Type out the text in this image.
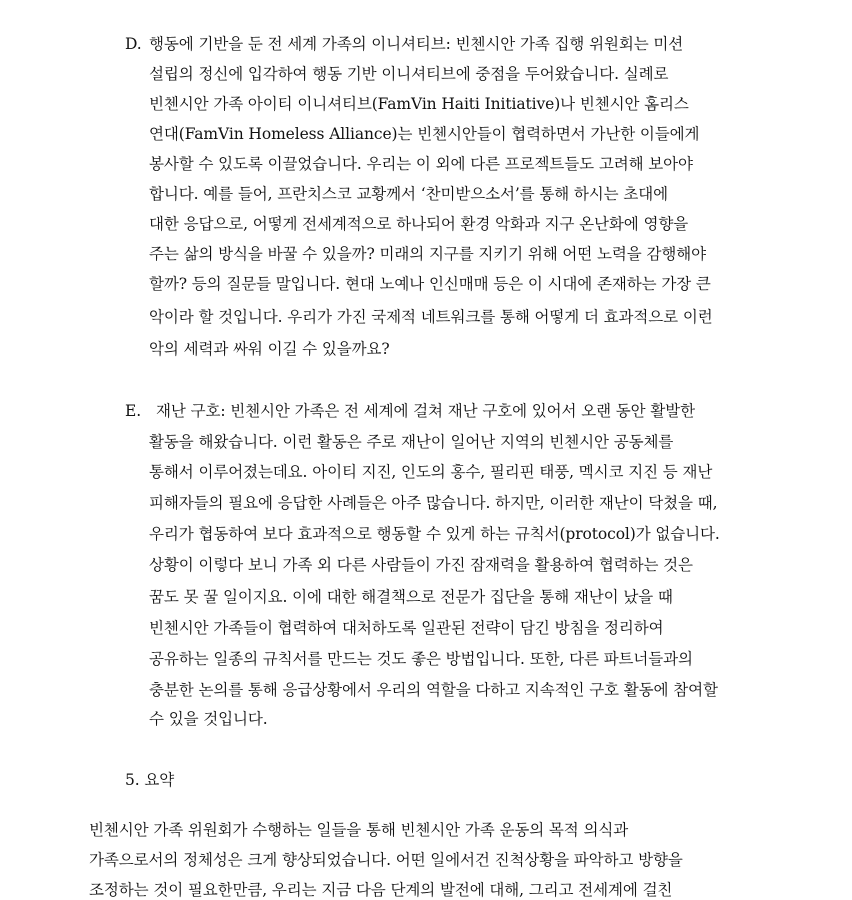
D. 행동에 기반을 둔 전 세계 가족의 이니셔티브: 빈첸시안 가족 집행 위원회는 미션
설립의 정신에 입각하여 행동 기반 이니셔티브에 중점을 두어왔습니다. 실례로
빈첸시안 가족 아이티 이니셔티브(FamVin Haiti Initiative)나 빈첸시안 홈리스
연대(FamVin Homeless Alliance)는 빈첸시안들이 협력하면서 가난한 이들에게
봉사할 수 있도록 이끌었습니다. 우리는 이 외에 다른 프로젝트들도 고려해 보아야
합니다. 예를 들어, 프란치스코 교황께서 ‘찬미받으소서’를 통해 하시는 초대에
대한 응답으로, 어떻게 전세계적으로 하나되어 환경 악화과 지구 온난화에 영향을
주는 삶의 방식을 바꿀 수 있을까? 미래의 지구를 지키기 위해 어떤 노력을 감행해야
할까? 등의 질문들 말입니다. 현대 노예나 인신매매 등은 이 시대에 존재하는 가장 큰
악이라 할 것입니다. 우리가 가진 국제적 네트워크를 통해 어떻게 더 효과적으로 이런
악의 세력과 싸워 이길 수 있을까요?
E. 재난 구호: 빈첸시안 가족은 전 세계에 걸쳐 재난 구호에 있어서 오랜 동안 활발한
활동을 해왔습니다. 이런 활동은 주로 재난이 일어난 지역의 빈첸시안 공동체를
통해서 이루어졌는데요. 아이티 지진, 인도의 홍수, 필리핀 태풍, 멕시코 지진 등 재난
피해자들의 필요에 응답한 사례들은 아주 많습니다. 하지만, 이러한 재난이 닥쳤을 때,
우리가 협동하여 보다 효과적으로 행동할 수 있게 하는 규칙서(protocol)가 없습니다.
상황이 이렇다 보니 가족 외 다른 사람들이 가진 잠재력을 활용하여 협력하는 것은
꿈도 못 꿀 일이지요. 이에 대한 해결책으로 전문가 집단을 통해 재난이 났을 때
빈첸시안 가족들이 협력하여 대처하도록 일관된 전략이 담긴 방침을 정리하여
공유하는 일종의 규칙서를 만드는 것도 좋은 방법입니다. 또한, 다른 파트너들과의
충분한 논의를 통해 응급상황에서 우리의 역할을 다하고 지속적인 구호 활동에 참여할
수 있을 것입니다.
5. 요약
빈첸시안 가족 위원회가 수행하는 일들을 통해 빈첸시안 가족 운동의 목적 의식과
가족으로서의 정체성은 크게 향상되었습니다. 어떤 일에서건 진척상황을 파악하고 방향을
조정하는 것이 필요한만큼, 우리는 지금 다음 단계의 발전에 대해, 그리고 전세계에 걸친
